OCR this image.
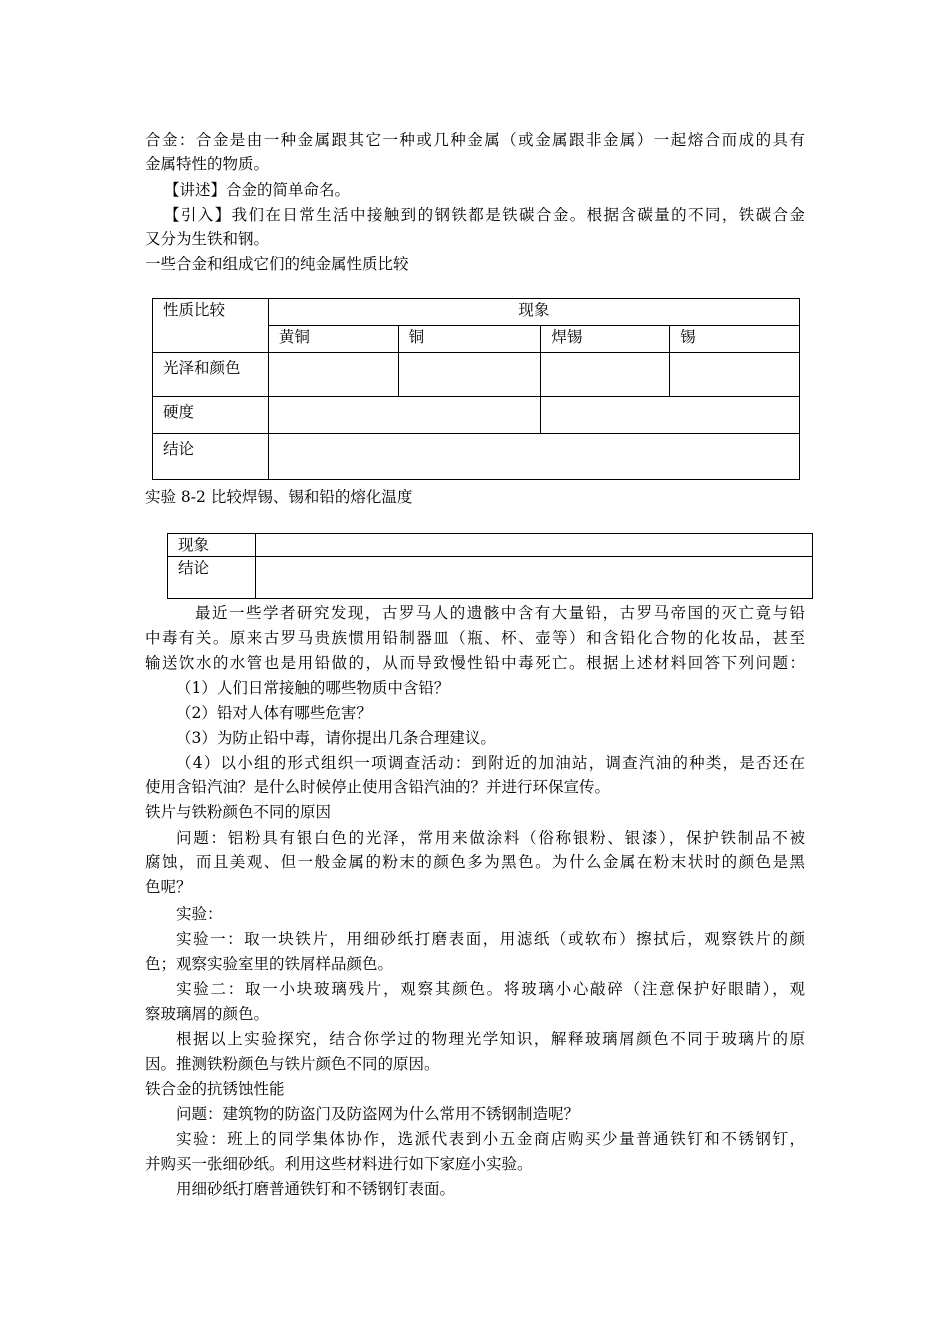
合金：合金是由一种金属跟其它一种或几种金属（或金属跟非金属）一起熔合而成的具有
金属特性的物质。
【讲述】合金的简单命名。
【引入】我们在日常生活中接触到的钢铁都是铁碳合金。根据含碳量的不同，铁碳合金
又分为生铁和钢。
一些合金和组成它们的纯金属性质比较
性质比较	现象			
	黄铜	铜	焊锡	锡
光泽和颜色				
硬度				
结论				
实验 8-2 比较焊锡、锡和铅的熔化温度
现象	
结论	
最近一些学者研究发现，古罗马人的遗骸中含有大量铅，古罗马帝国的灭亡竟与铅
中毒有关。原来古罗马贵族惯用铅制器皿（瓶、杯、壶等）和含铅化合物的化妆品，甚至
输送饮水的水管也是用铅做的，从而导致慢性铅中毒死亡。根据上述材料回答下列问题：
（1）人们日常接触的哪些物质中含铅？
（2）铅对人体有哪些危害？
（3）为防止铅中毒，请你提出几条合理建议。
（4）以小组的形式组织一项调查活动：到附近的加油站，调查汽油的种类，是否还在
使用含铅汽油？是什么时候停止使用含铅汽油的？并进行环保宣传。
铁片与铁粉颜色不同的原因
问题：铝粉具有银白色的光泽，常用来做涂料（俗称银粉、银漆），保护铁制品不被
腐蚀，而且美观、但一般金属的粉末的颜色多为黑色。为什么金属在粉末状时的颜色是黑
色呢？
实验：
实验一：取一块铁片，用细砂纸打磨表面，用滤纸（或软布）擦拭后，观察铁片的颜
色；观察实验室里的铁屑样品颜色。
实验二：取一小块玻璃残片，观察其颜色。将玻璃小心敲碎（注意保护好眼睛），观
察玻璃屑的颜色。
根据以上实验探究，结合你学过的物理光学知识，解释玻璃屑颜色不同于玻璃片的原
因。推测铁粉颜色与铁片颜色不同的原因。
铁合金的抗锈蚀性能
问题：建筑物的防盗门及防盗网为什么常用不锈钢制造呢？
实验：班上的同学集体协作，选派代表到小五金商店购买少量普通铁钉和不锈钢钉，
并购买一张细砂纸。利用这些材料进行如下家庭小实验。
用细砂纸打磨普通铁钉和不锈钢钉表面。
